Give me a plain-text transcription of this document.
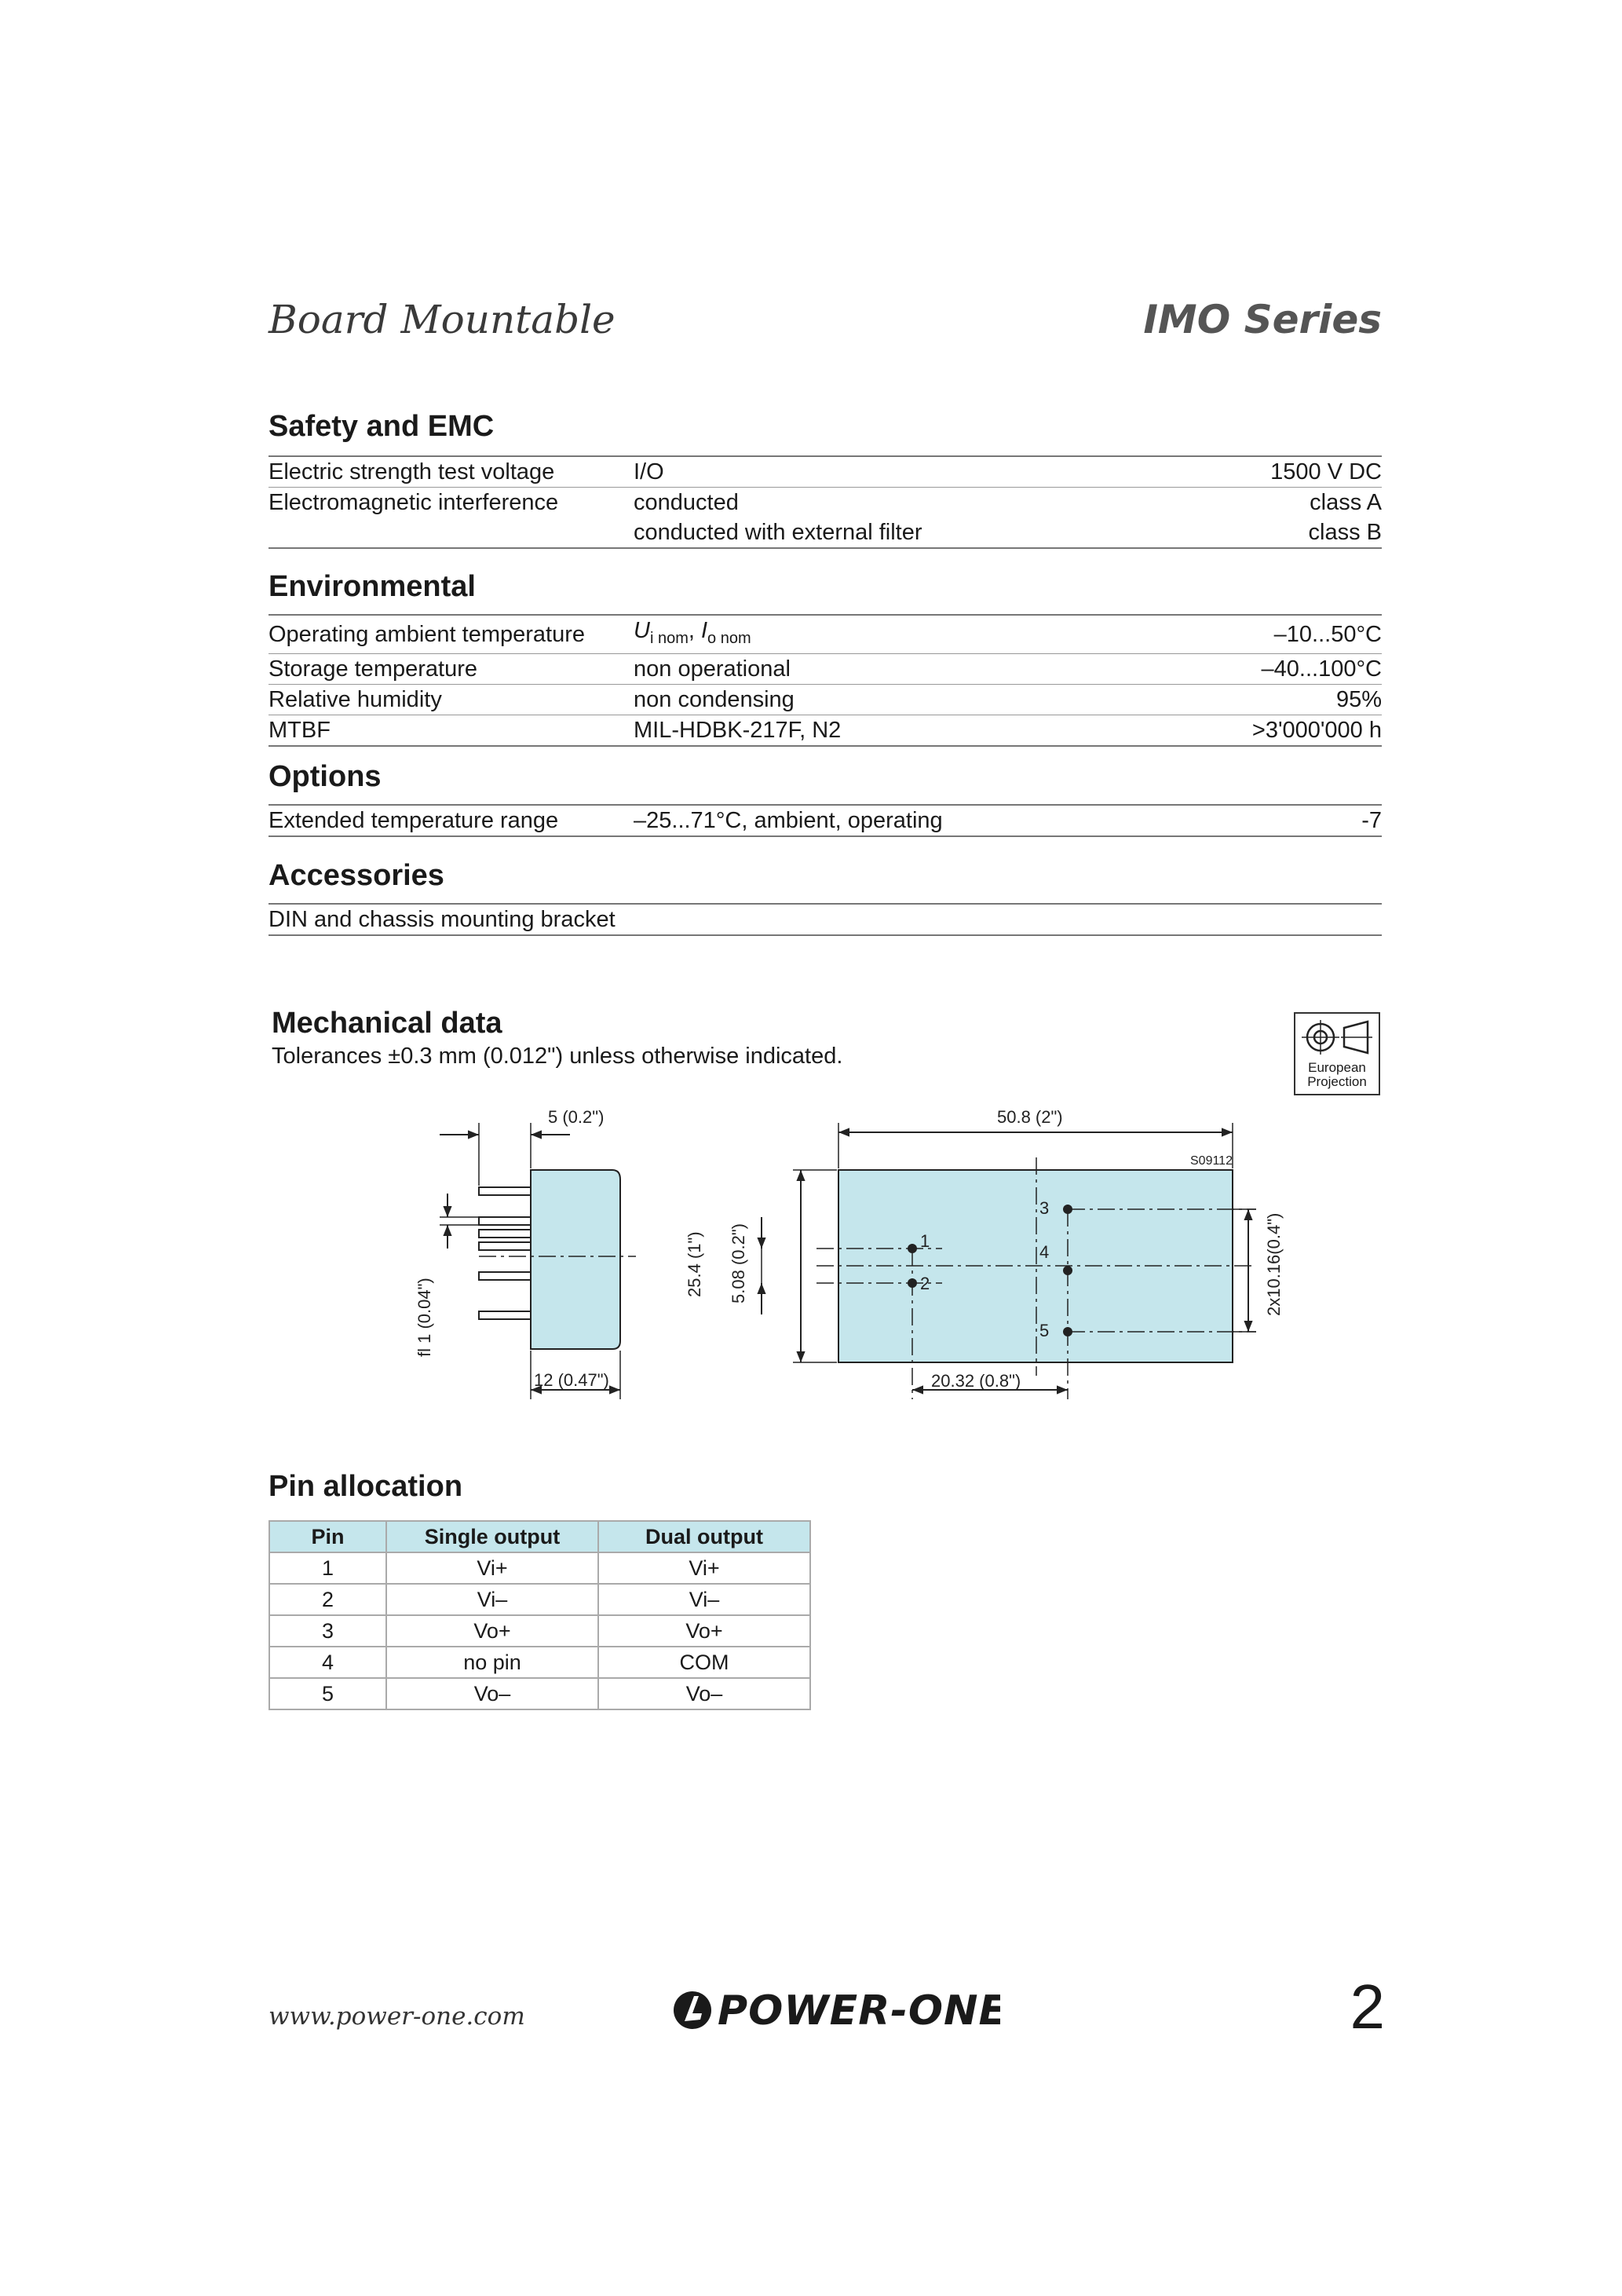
Board Mountable	IMO Series
Safety and EMC
Electric strength test voltage	I/O	1500 V DC
Electromagnetic interference	conducted	class A
	conducted with external filter	class B
Environmental
Operating ambient temperature	$U_{i nom}$, $I_{o nom}$	–10...50°C
Storage temperature	non operational	–40...100°C
Relative humidity	non condensing	95%
MTBF	MIL-HDBK-217F, N2	>3'000'000 h
Options
Extended temperature range	–25...71°C, ambient, operating	-7
Accessories
DIN and chassis mounting bracket
Mechanical data
Tolerances ±0.3 mm (0.012") unless otherwise indicated.	European
Projection
5 (0.2")
fl 1 (0.04")
12 (0.47")
50.8 (2")
S09112
25.4 (1") 5.08 (0.2")	2x10.16(0.4")
20.32 (0.8")
1
2
3
4
5
Pin allocation
Pin	Single output	Dual output
1	Vi+	Vi+
2	Vi–	Vi–
3	Vo+	Vo+
4	no pin	COM
5	Vo–	Vo–
www.power-one.com	POWER-ONE	2
